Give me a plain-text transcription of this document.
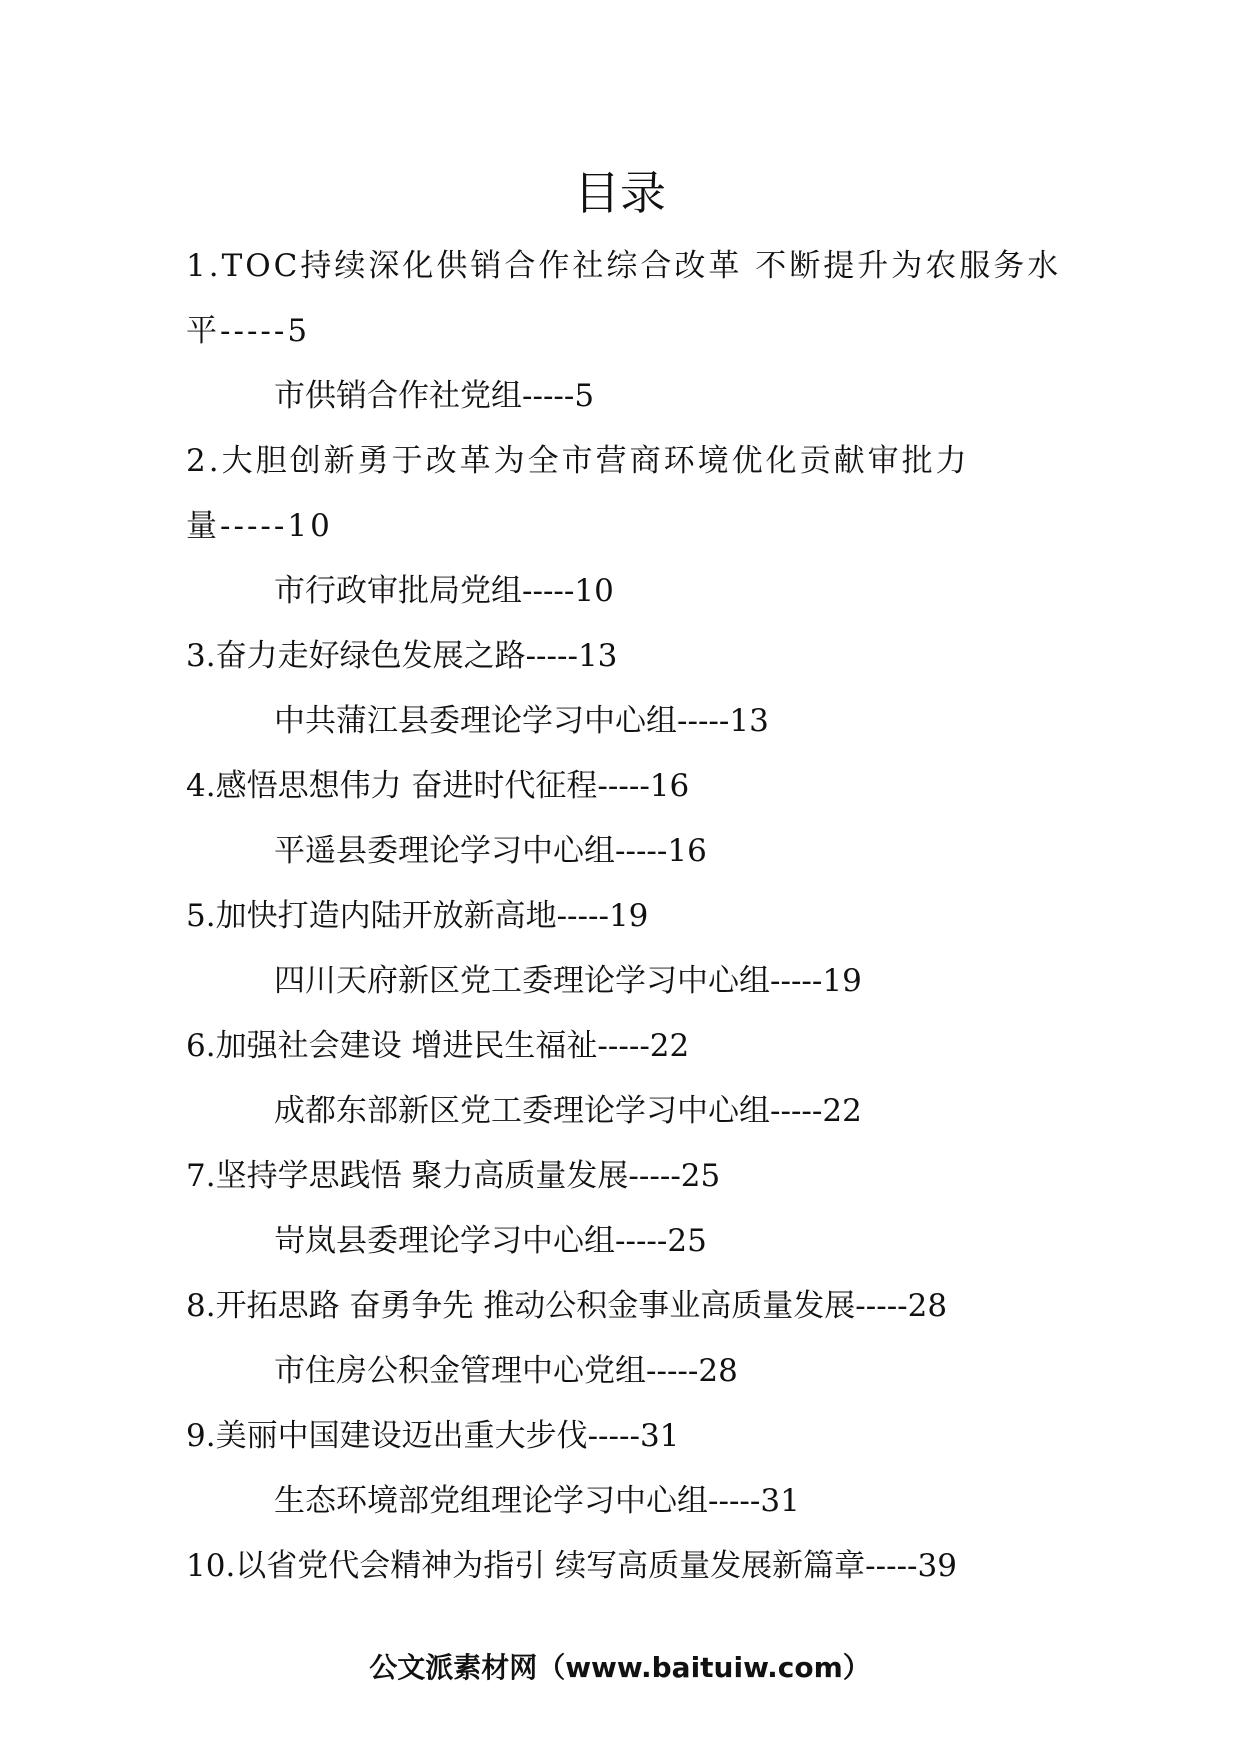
目录
1.TOC持续深化供销合作社综合改革 不断提升为农服务水
平-----5
市供销合作社党组-----5
2.大胆创新勇于改革为全市营商环境优化贡献审批力
量-----10
市行政审批局党组-----10
3.奋力走好绿色发展之路-----13
中共蒲江县委理论学习中心组-----13
4.感悟思想伟力 奋进时代征程-----16
平遥县委理论学习中心组-----16
5.加快打造内陆开放新高地-----19
四川天府新区党工委理论学习中心组-----19
6.加强社会建设 增进民生福祉-----22
成都东部新区党工委理论学习中心组-----22
7.坚持学思践悟 聚力高质量发展-----25
岢岚县委理论学习中心组-----25
8.开拓思路 奋勇争先 推动公积金事业高质量发展-----28
市住房公积金管理中心党组-----28
9.美丽中国建设迈出重大步伐-----31
生态环境部党组理论学习中心组-----31
10.以省党代会精神为指引 续写高质量发展新篇章-----39
公文派素材网（www.baituiw.com）
